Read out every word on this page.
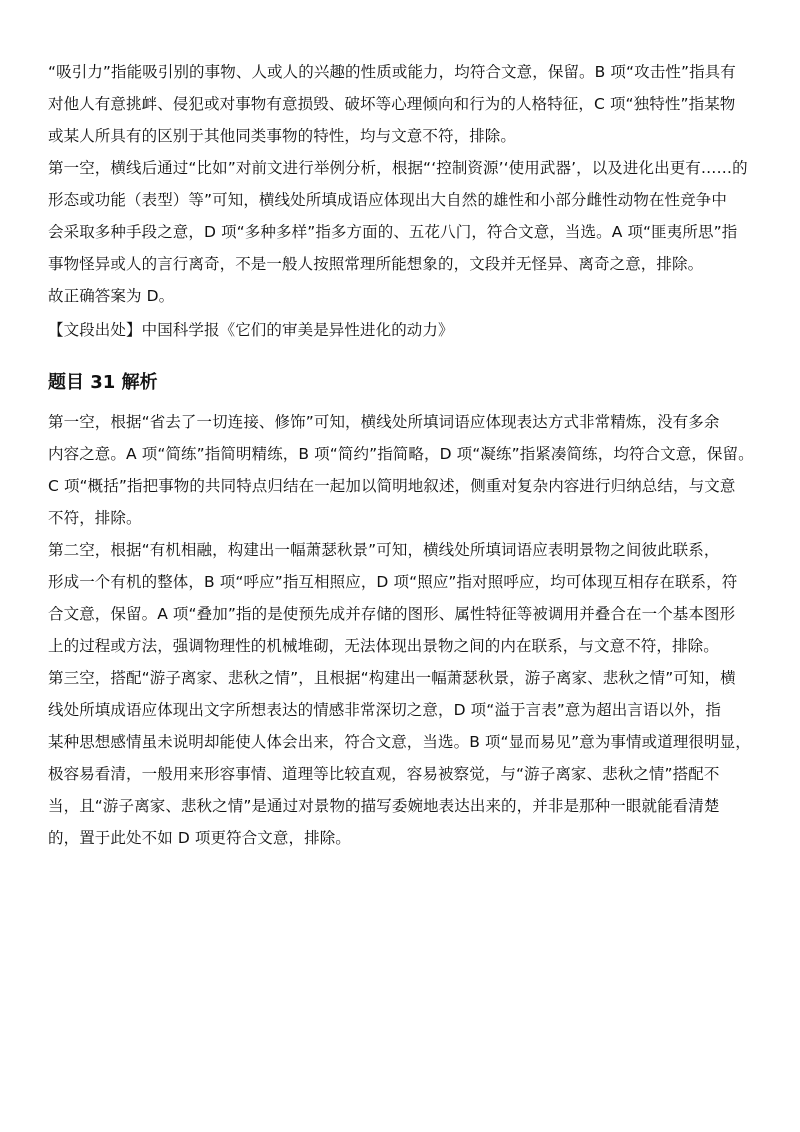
“吸引力”指能吸引别的事物、人或人的兴趣的性质或能力，均符合文意，保留。B 项“攻击性”指具有
对他人有意挑衅、侵犯或对事物有意损毁、破坏等心理倾向和行为的人格特征，C 项“独特性”指某物
或某人所具有的区别于其他同类事物的特性，均与文意不符，排除。

第一空，横线后通过“比如”对前文进行举例分析，根据“‘控制资源’‘使用武器’，以及进化出更有……的
形态或功能（表型）等”可知，横线处所填成语应体现出大自然的雄性和小部分雌性动物在性竞争中
会采取多种手段之意，D 项“多种多样”指多方面的、五花八门，符合文意，当选。A 项“匪夷所思”指
事物怪异或人的言行离奇，不是一般人按照常理所能想象的，文段并无怪异、离奇之意，排除。

故正确答案为 D。

【文段出处】中国科学报《它们的审美是异性进化的动力》

题目 31 解析

第一空，根据“省去了一切连接、修饰”可知，横线处所填词语应体现表达方式非常精炼，没有多余
内容之意。A 项“简练”指简明精练，B 项“简约”指简略，D 项“凝练”指紧凑简练，均符合文意，保留。
C 项“概括”指把事物的共同特点归结在一起加以简明地叙述，侧重对复杂内容进行归纳总结，与文意
不符，排除。

第二空，根据“有机相融，构建出一幅萧瑟秋景”可知，横线处所填词语应表明景物之间彼此联系，
形成一个有机的整体，B 项“呼应”指互相照应，D 项“照应”指对照呼应，均可体现互相存在联系，符
合文意，保留。A 项“叠加”指的是使预先成并存储的图形、属性特征等被调用并叠合在一个基本图形
上的过程或方法，强调物理性的机械堆砌，无法体现出景物之间的内在联系，与文意不符，排除。

第三空，搭配“游子离家、悲秋之情”，且根据“构建出一幅萧瑟秋景，游子离家、悲秋之情”可知，横
线处所填成语应体现出文字所想表达的情感非常深切之意，D 项“溢于言表”意为超出言语以外，指
某种思想感情虽未说明却能使人体会出来，符合文意，当选。B 项“显而易见”意为事情或道理很明显，
极容易看清，一般用来形容事情、道理等比较直观，容易被察觉，与“游子离家、悲秋之情”搭配不
当，且“游子离家、悲秋之情”是通过对景物的描写委婉地表达出来的，并非是那种一眼就能看清楚
的，置于此处不如 D 项更符合文意，排除。
